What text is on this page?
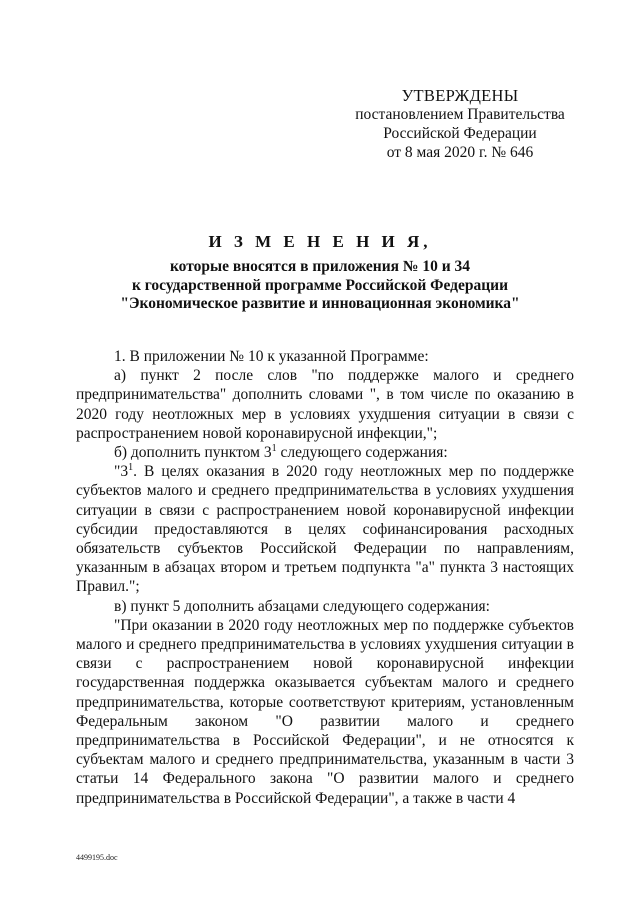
УТВЕРЖДЕНЫ
постановлением Правительства
Российской Федерации
от 8 мая 2020 г. № 646
И З М Е Н Е Н И Я,
которые вносятся в приложения № 10 и 34
к государственной программе Российской Федерации
"Экономическое развитие и инновационная экономика"

1. В приложении № 10 к указанной Программе:

а) пункт 2 после слов "по поддержке малого и среднего предпринимательства" дополнить словами ", в том числе по оказанию в 2020 году неотложных мер в условиях ухудшения ситуации в связи с распространением новой коронавирусной инфекции,";

б) дополнить пунктом $3^1$ следующего содержания:

"$3^1$. В целях оказания в 2020 году неотложных мер по поддержке субъектов малого и среднего предпринимательства в условиях ухудшения ситуации в связи с распространением новой коронавирусной инфекции субсидии предоставляются в целях софинансирования расходных обязательств субъектов Российской Федерации по направлениям, указанным в абзацах втором и третьем подпункта "а" пункта 3 настоящих Правил.";

в) пункт 5 дополнить абзацами следующего содержания:

"При оказании в 2020 году неотложных мер по поддержке субъектов малого и среднего предпринимательства в условиях ухудшения ситуации в связи с распространением новой коронавирусной инфекции государственная поддержка оказывается субъектам малого и среднего предпринимательства, которые соответствуют критериям, установленным Федеральным законом "О развитии малого и среднего предпринимательства в Российской Федерации", и не относятся к субъектам малого и среднего предпринимательства, указанным в части 3 статьи 14 Федерального закона "О развитии малого и среднего предпринимательства в Российской Федерации", а также в части 4

4499195.doc
